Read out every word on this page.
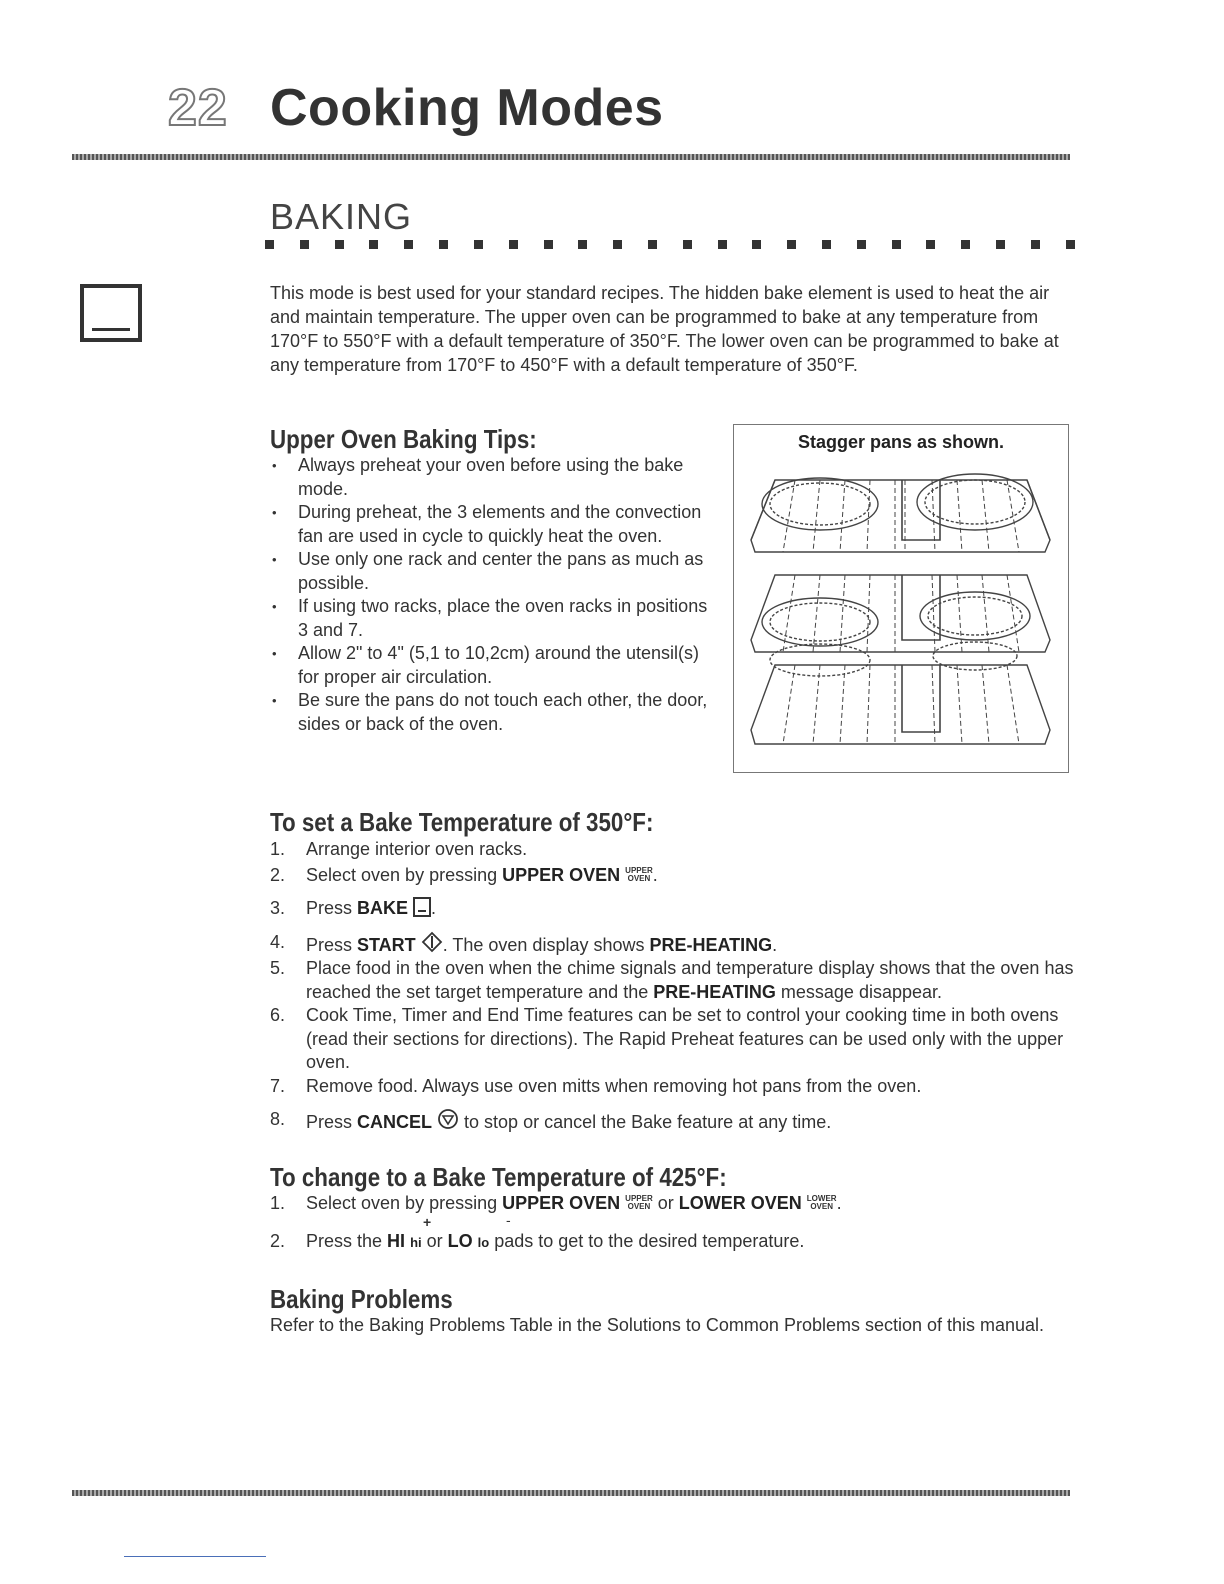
22 Cooking Modes
BAKING
This mode is best used for your standard recipes. The hidden bake element is used to heat the air and maintain temperature. The upper oven can be programmed to bake at any temperature from 170°F to 550°F with a default temperature of 350°F. The lower oven can be programmed to bake at any temperature from 170°F to 450°F with a default temperature of 350°F.
Upper Oven Baking Tips:
• Always preheat your oven before using the bake mode.
• During preheat, the 3 elements and the convection fan are used in cycle to quickly heat the oven.
• Use only one rack and center the pans as much as possible.
• If using two racks, place the oven racks in positions 3 and 7.
• Allow 2" to 4" (5,1 to 10,2cm) around the utensil(s) for proper air circulation.
• Be sure the pans do not touch each other, the door, sides or back of the oven.
Stagger pans as shown.
To set a Bake Temperature of 350°F:
1. Arrange interior oven racks.
2. Select oven by pressing UPPER OVEN UPPER
OVEN .
3. Press BAKE .
4. Press START . The oven display shows PRE-HEATING.
5. Place food in the oven when the chime signals and temperature display shows that the oven has reached the set target temperature and the PRE-HEATING message disappear.
6. Cook Time, Timer and End Time features can be set to control your cooking time in both ovens (read their sections for directions). The Rapid Preheat features can be used only with the upper oven.
7. Remove food. Always use oven mitts when removing hot pans from the oven.
8. Press CANCEL  to stop or cancel the Bake feature at any time.
To change to a Bake Temperature of 425°F:
1. Select oven by pressing UPPER OVEN UPPER
OVEN or LOWER OVEN LOWER
OVEN .
2. Press the HI hi or LO lo pads to get to the desired temperature.
+	-
Baking Problems
Refer to the Baking Problems Table in the Solutions to Common Problems section of this manual.
